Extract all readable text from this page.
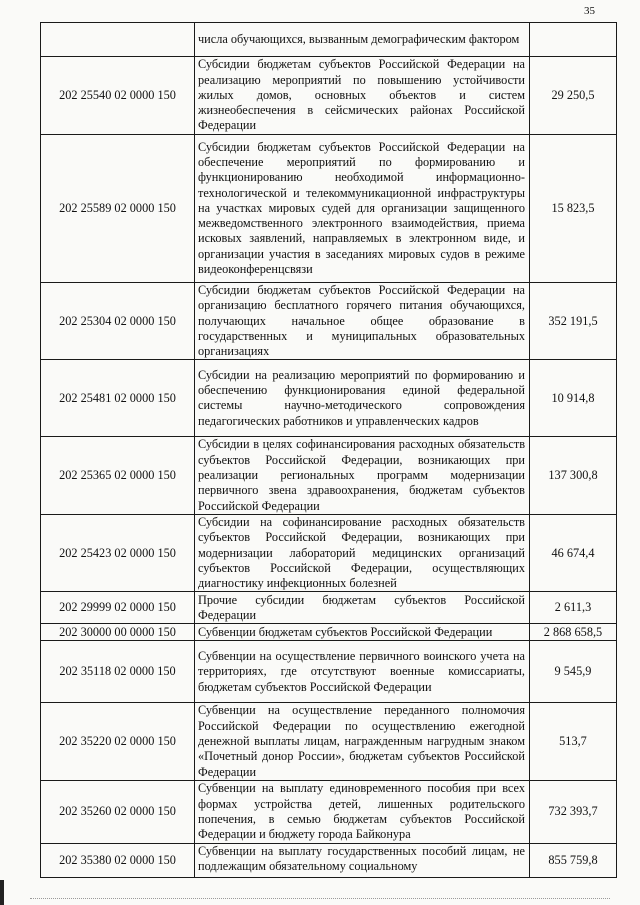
35
	числа обучающихся, вызванным демографическим фактором	
202 25540 02 0000 150	Субсидии бюджетам субъектов Российской Федерации на реализацию мероприятий по повышению устойчивости жилых домов, основных объектов и систем жизнеобеспечения в сейсмических районах Российской Федерации	29 250,5
202 25589 02 0000 150	Субсидии бюджетам субъектов Российской Федерации на обеспечение мероприятий по формированию и функционированию необходимой информационно-технологической и телекоммуникационной инфраструктуры на участках мировых судей для организации защищенного межведомственного электронного взаимодействия, приема исковых заявлений, направляемых в электронном виде, и организации участия в заседаниях мировых судов в режиме видеоконференцсвязи	15 823,5
202 25304 02 0000 150	Субсидии бюджетам субъектов Российской Федерации на организацию бесплатного горячего питания обучающихся, получающих начальное общее образование в государственных и муниципальных образовательных организациях	352 191,5
202 25481 02 0000 150	Субсидии на реализацию мероприятий по формированию и обеспечению функционирования единой федеральной системы научно-методического сопровождения педагогических работников и управленческих кадров	10 914,8
202 25365 02 0000 150	Субсидии в целях софинансирования расходных обязательств субъектов Российской Федерации, возникающих при реализации региональных программ модернизации первичного звена здравоохранения, бюджетам субъектов Российской Федерации	137 300,8
202 25423 02 0000 150	Субсидии на софинансирование расходных обязательств субъектов Российской Федерации, возникающих при модернизации лабораторий медицинских организаций субъектов Российской Федерации, осуществляющих диагностику инфекционных болезней	46 674,4
202 29999 02 0000 150	Прочие субсидии бюджетам субъектов Российской Федерации	2 611,3
202 30000 00 0000 150	Субвенции бюджетам субъектов Российской Федерации	2 868 658,5
202 35118 02 0000 150	Субвенции на осуществление первичного воинского учета на территориях, где отсутствуют военные комиссариаты, бюджетам субъектов Российской Федерации	9 545,9
202 35220 02 0000 150	Субвенции на осуществление переданного полномочия Российской Федерации по осуществлению ежегодной денежной выплаты лицам, награжденным нагрудным знаком «Почетный донор России», бюджетам субъектов Российской Федерации	513,7
202 35260 02 0000 150	Субвенции на выплату единовременного пособия при всех формах устройства детей, лишенных родительского попечения, в семью бюджетам субъектов Российской Федерации и бюджету города Байконура	732 393,7
202 35380 02 0000 150	Субвенции на выплату государственных пособий лицам, не подлежащим обязательному социальному	855 759,8
